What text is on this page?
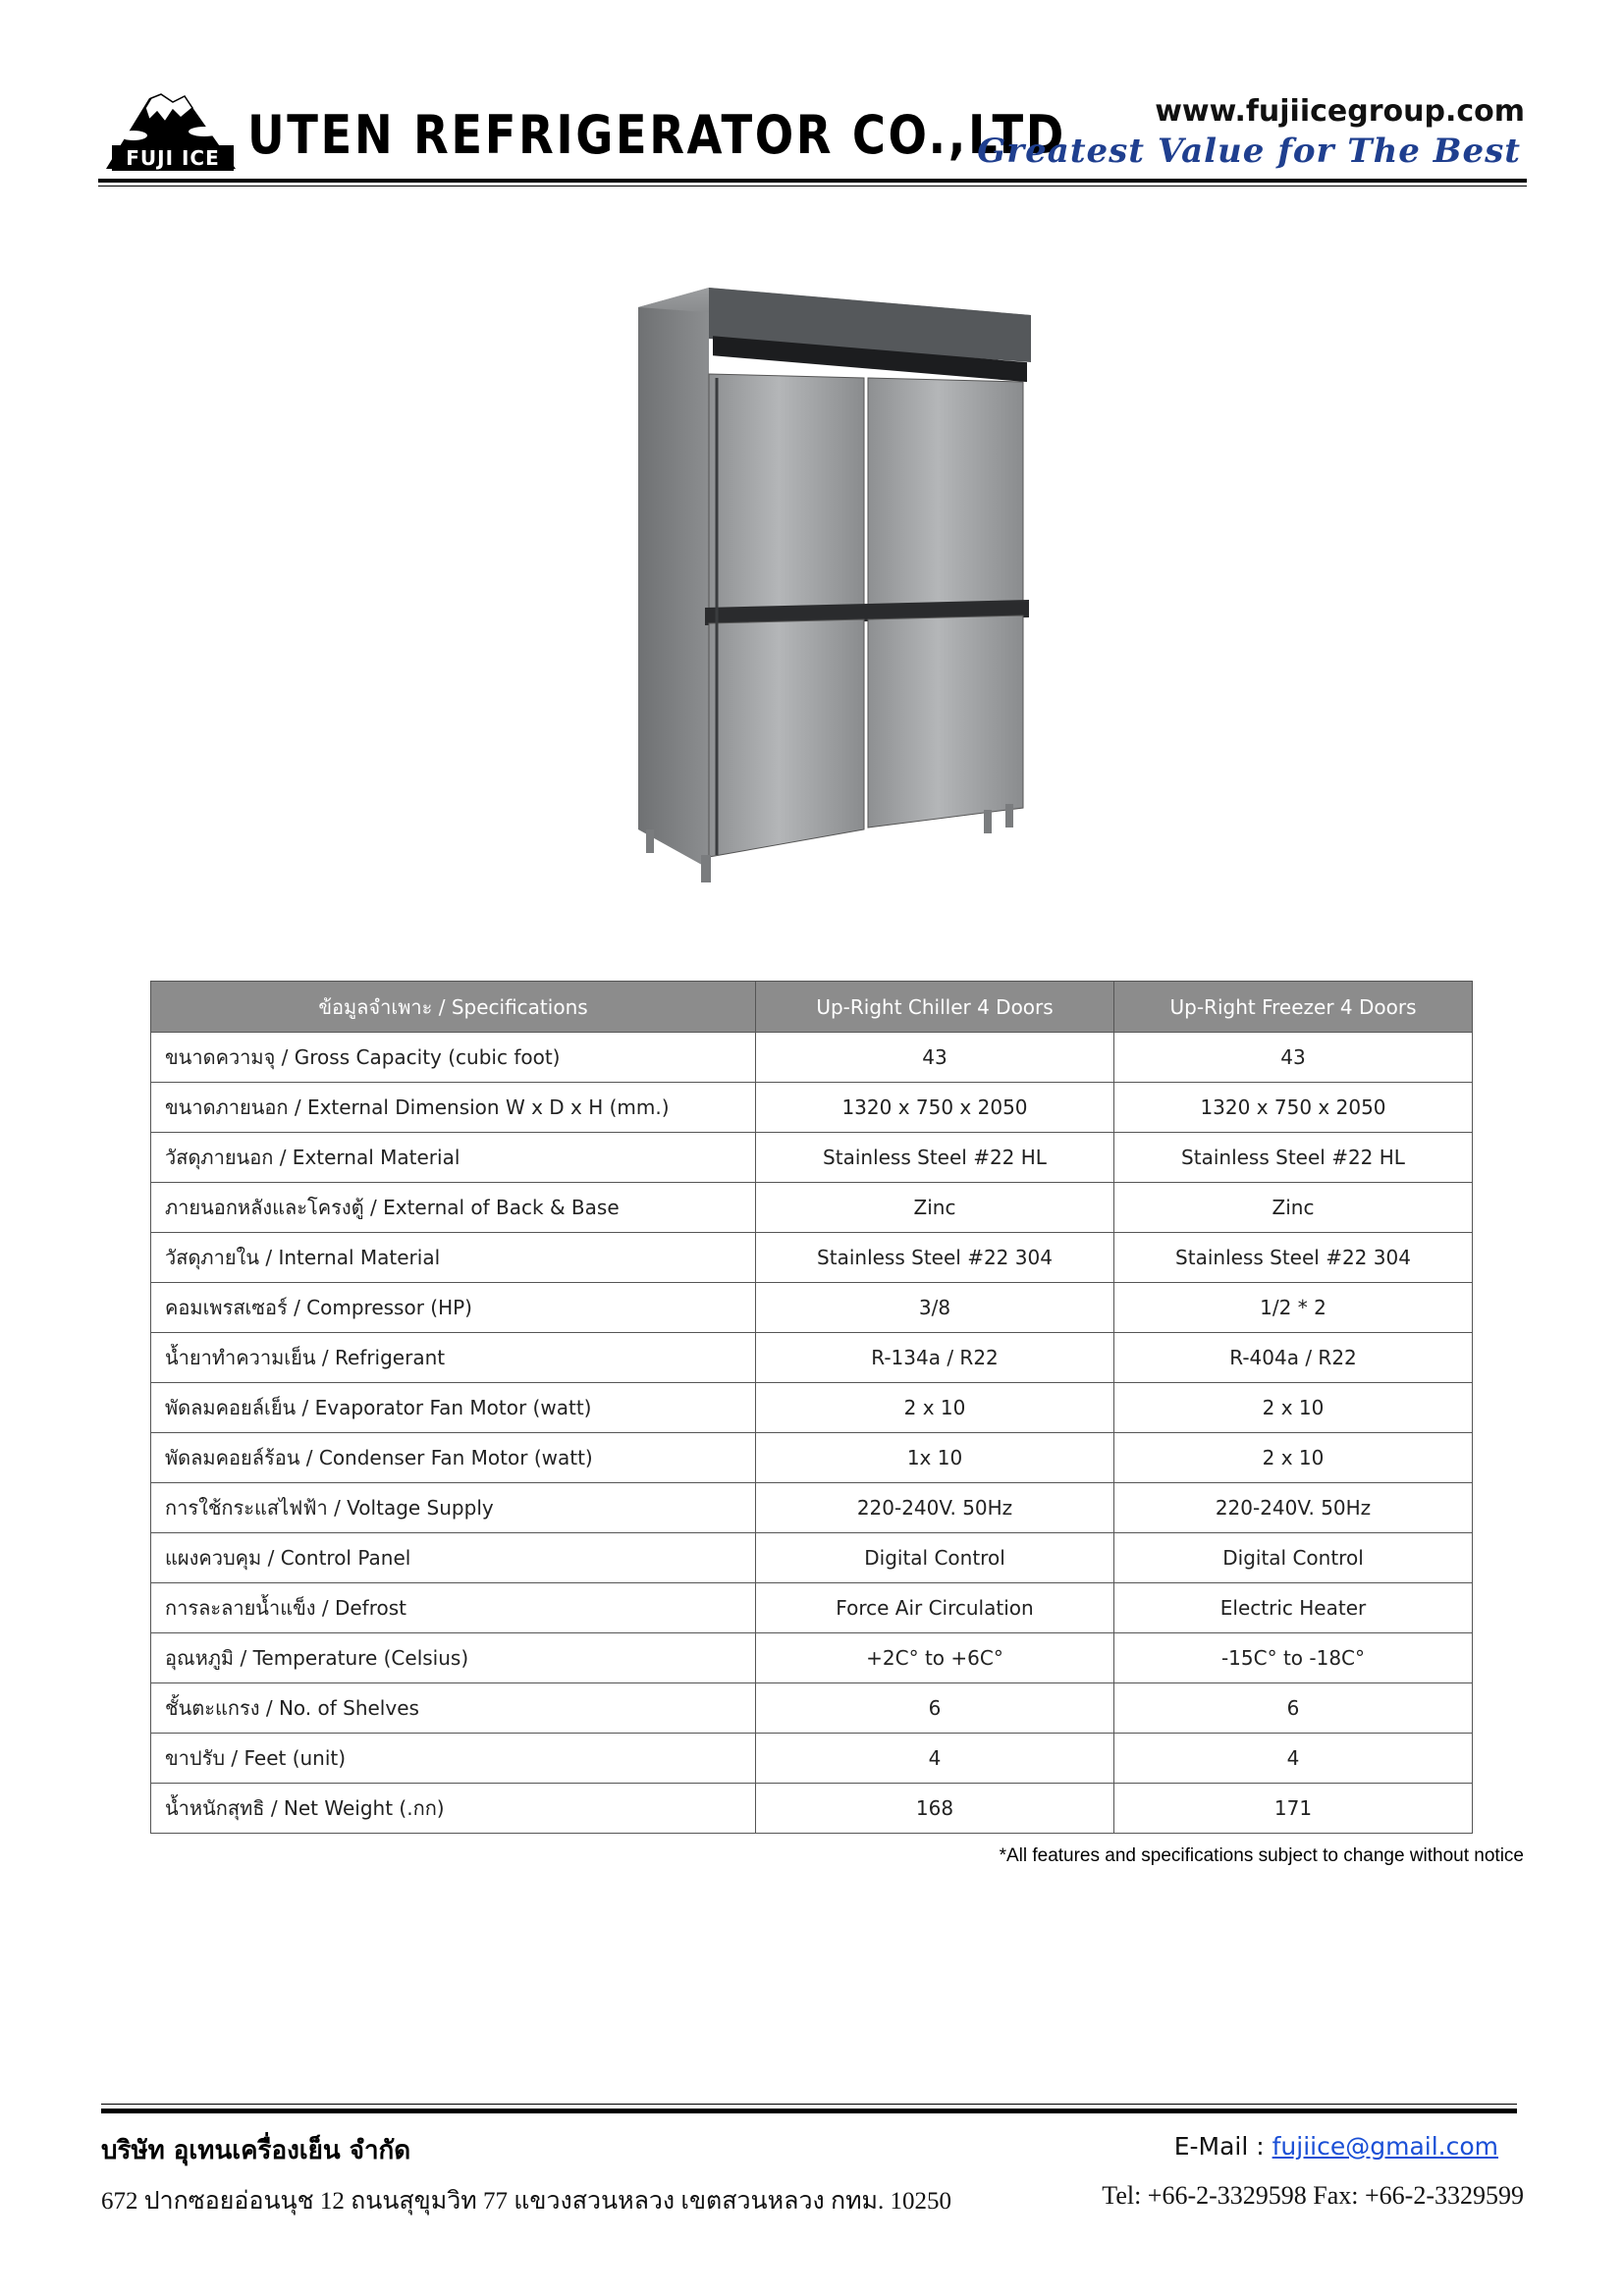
FUJI ICE UTEN REFRIGERATOR CO.,LTD	www.fujiicegroup.com
Greatest Value for The Best
ข้อมูลจำเพาะ / Specifications	Up-Right Chiller 4 Doors	Up-Right Freezer 4 Doors
ขนาดความจุ / Gross Capacity (cubic foot)	43	43
ขนาดภายนอก / External Dimension W x D x H (mm.)	1320 x 750 x 2050	1320 x 750 x 2050
วัสดุภายนอก / External Material	Stainless Steel #22 HL	Stainless Steel #22 HL
ภายนอกหลังและโครงตู้ / External of Back & Base	Zinc	Zinc
วัสดุภายใน / Internal Material	Stainless Steel #22 304	Stainless Steel #22 304
คอมเพรสเซอร์ / Compressor (HP)	3/8	1/2 * 2
น้ำยาทำความเย็น / Refrigerant	R-134a / R22	R-404a / R22
พัดลมคอยล์เย็น / Evaporator Fan Motor (watt)	2 x 10	2 x 10
พัดลมคอยล์ร้อน / Condenser Fan Motor (watt)	1x 10	2 x 10
การใช้กระแสไฟฟ้า / Voltage Supply	220-240V. 50Hz	220-240V. 50Hz
แผงควบคุม / Control Panel	Digital Control	Digital Control
การละลายน้ำแข็ง / Defrost	Force Air Circulation	Electric Heater
อุณหภูมิ / Temperature (Celsius)	+2C° to +6C°	-15C° to -18C°
ชั้นตะแกรง / No. of Shelves	6	6
ขาปรับ / Feet (unit)	4	4
น้ำหนักสุทธิ / Net Weight (.กก)	168	171
*All features and specifications subject to change without notice
บริษัท อุเทนเครื่องเย็น จำกัด
672 ปากซอยอ่อนนุช 12 ถนนสุขุมวิท 77 แขวงสวนหลวง เขตสวนหลวง กทม. 10250
E-Mail : fujiice@gmail.com
Tel: +66-2-3329598 Fax: +66-2-3329599
